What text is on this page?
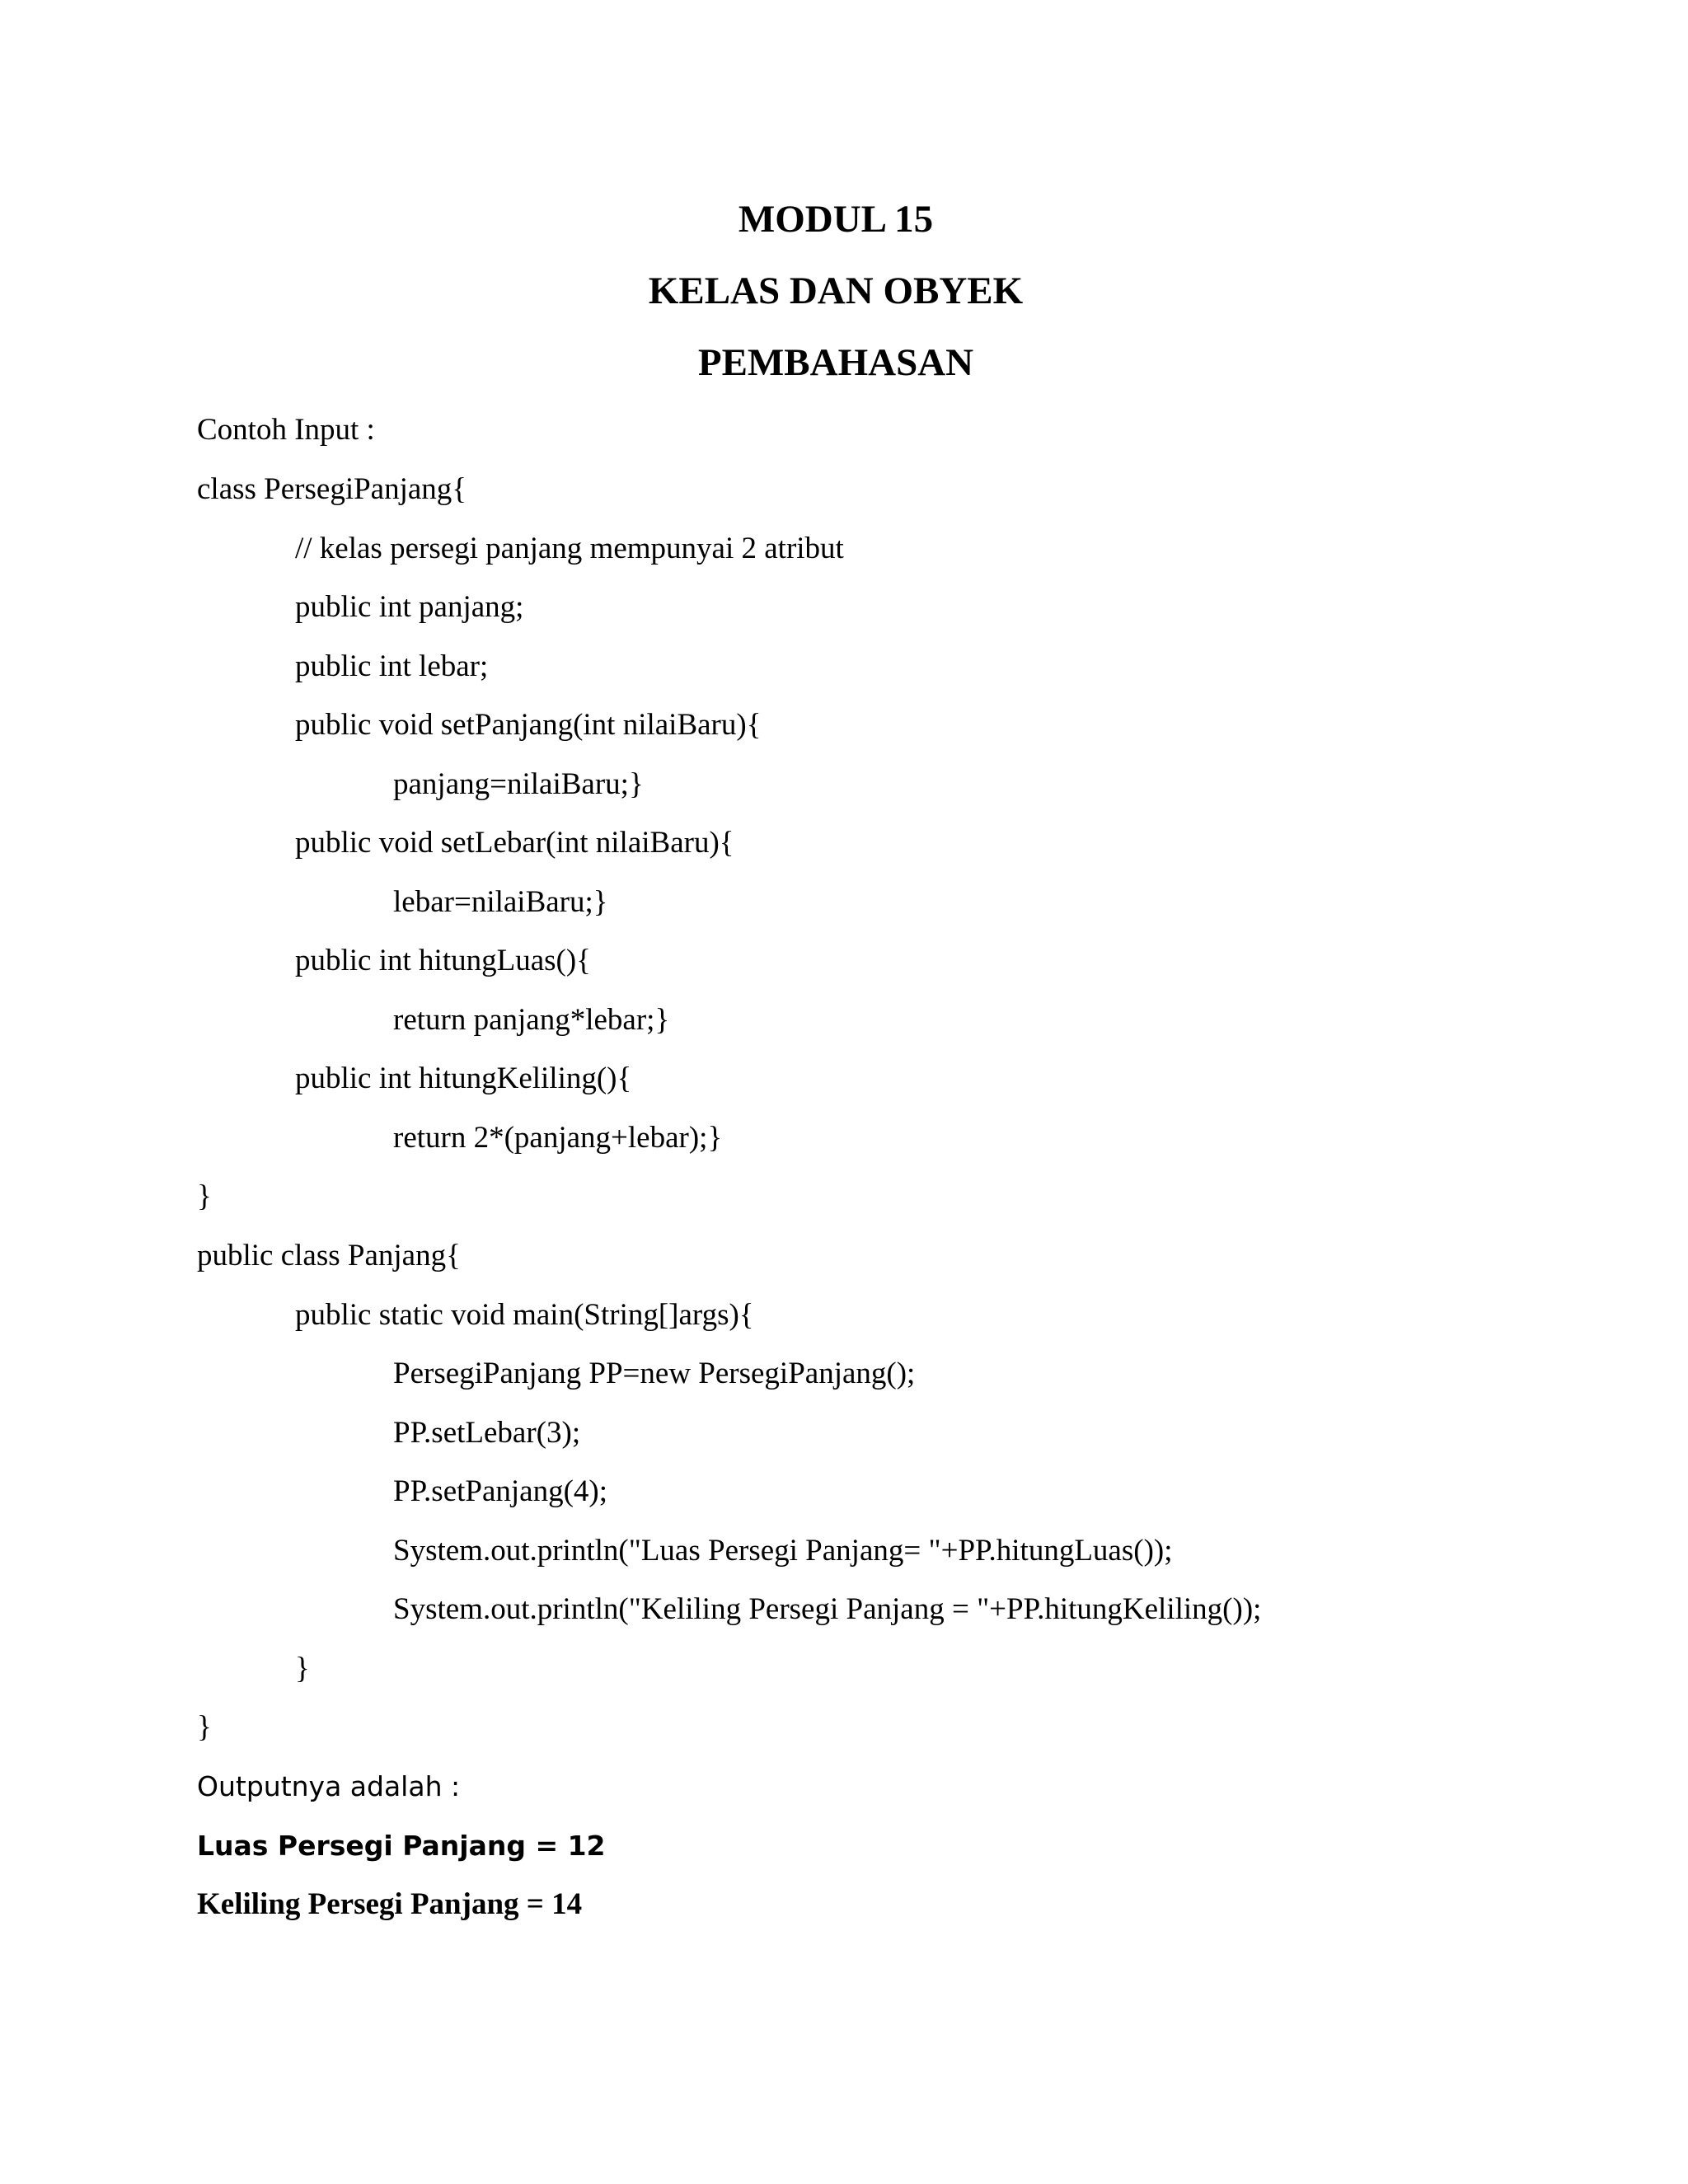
MODUL 15
KELAS DAN OBYEK
PEMBAHASAN
Contoh Input :
class PersegiPanjang{
// kelas persegi panjang mempunyai 2 atribut
public int panjang;
public int lebar;
public void setPanjang(int nilaiBaru){
panjang=nilaiBaru;}
public void setLebar(int nilaiBaru){
lebar=nilaiBaru;}
public int hitungLuas(){
return panjang*lebar;}
public int hitungKeliling(){
return 2*(panjang+lebar);}
}
public class Panjang{
public static void main(String[]args){
PersegiPanjang PP=new PersegiPanjang();
PP.setLebar(3);
PP.setPanjang(4);
System.out.println("Luas Persegi Panjang= "+PP.hitungLuas());
System.out.println("Keliling Persegi Panjang = "+PP.hitungKeliling());
}
}
Outputnya adalah :
Luas Persegi Panjang = 12
Keliling Persegi Panjang = 14
